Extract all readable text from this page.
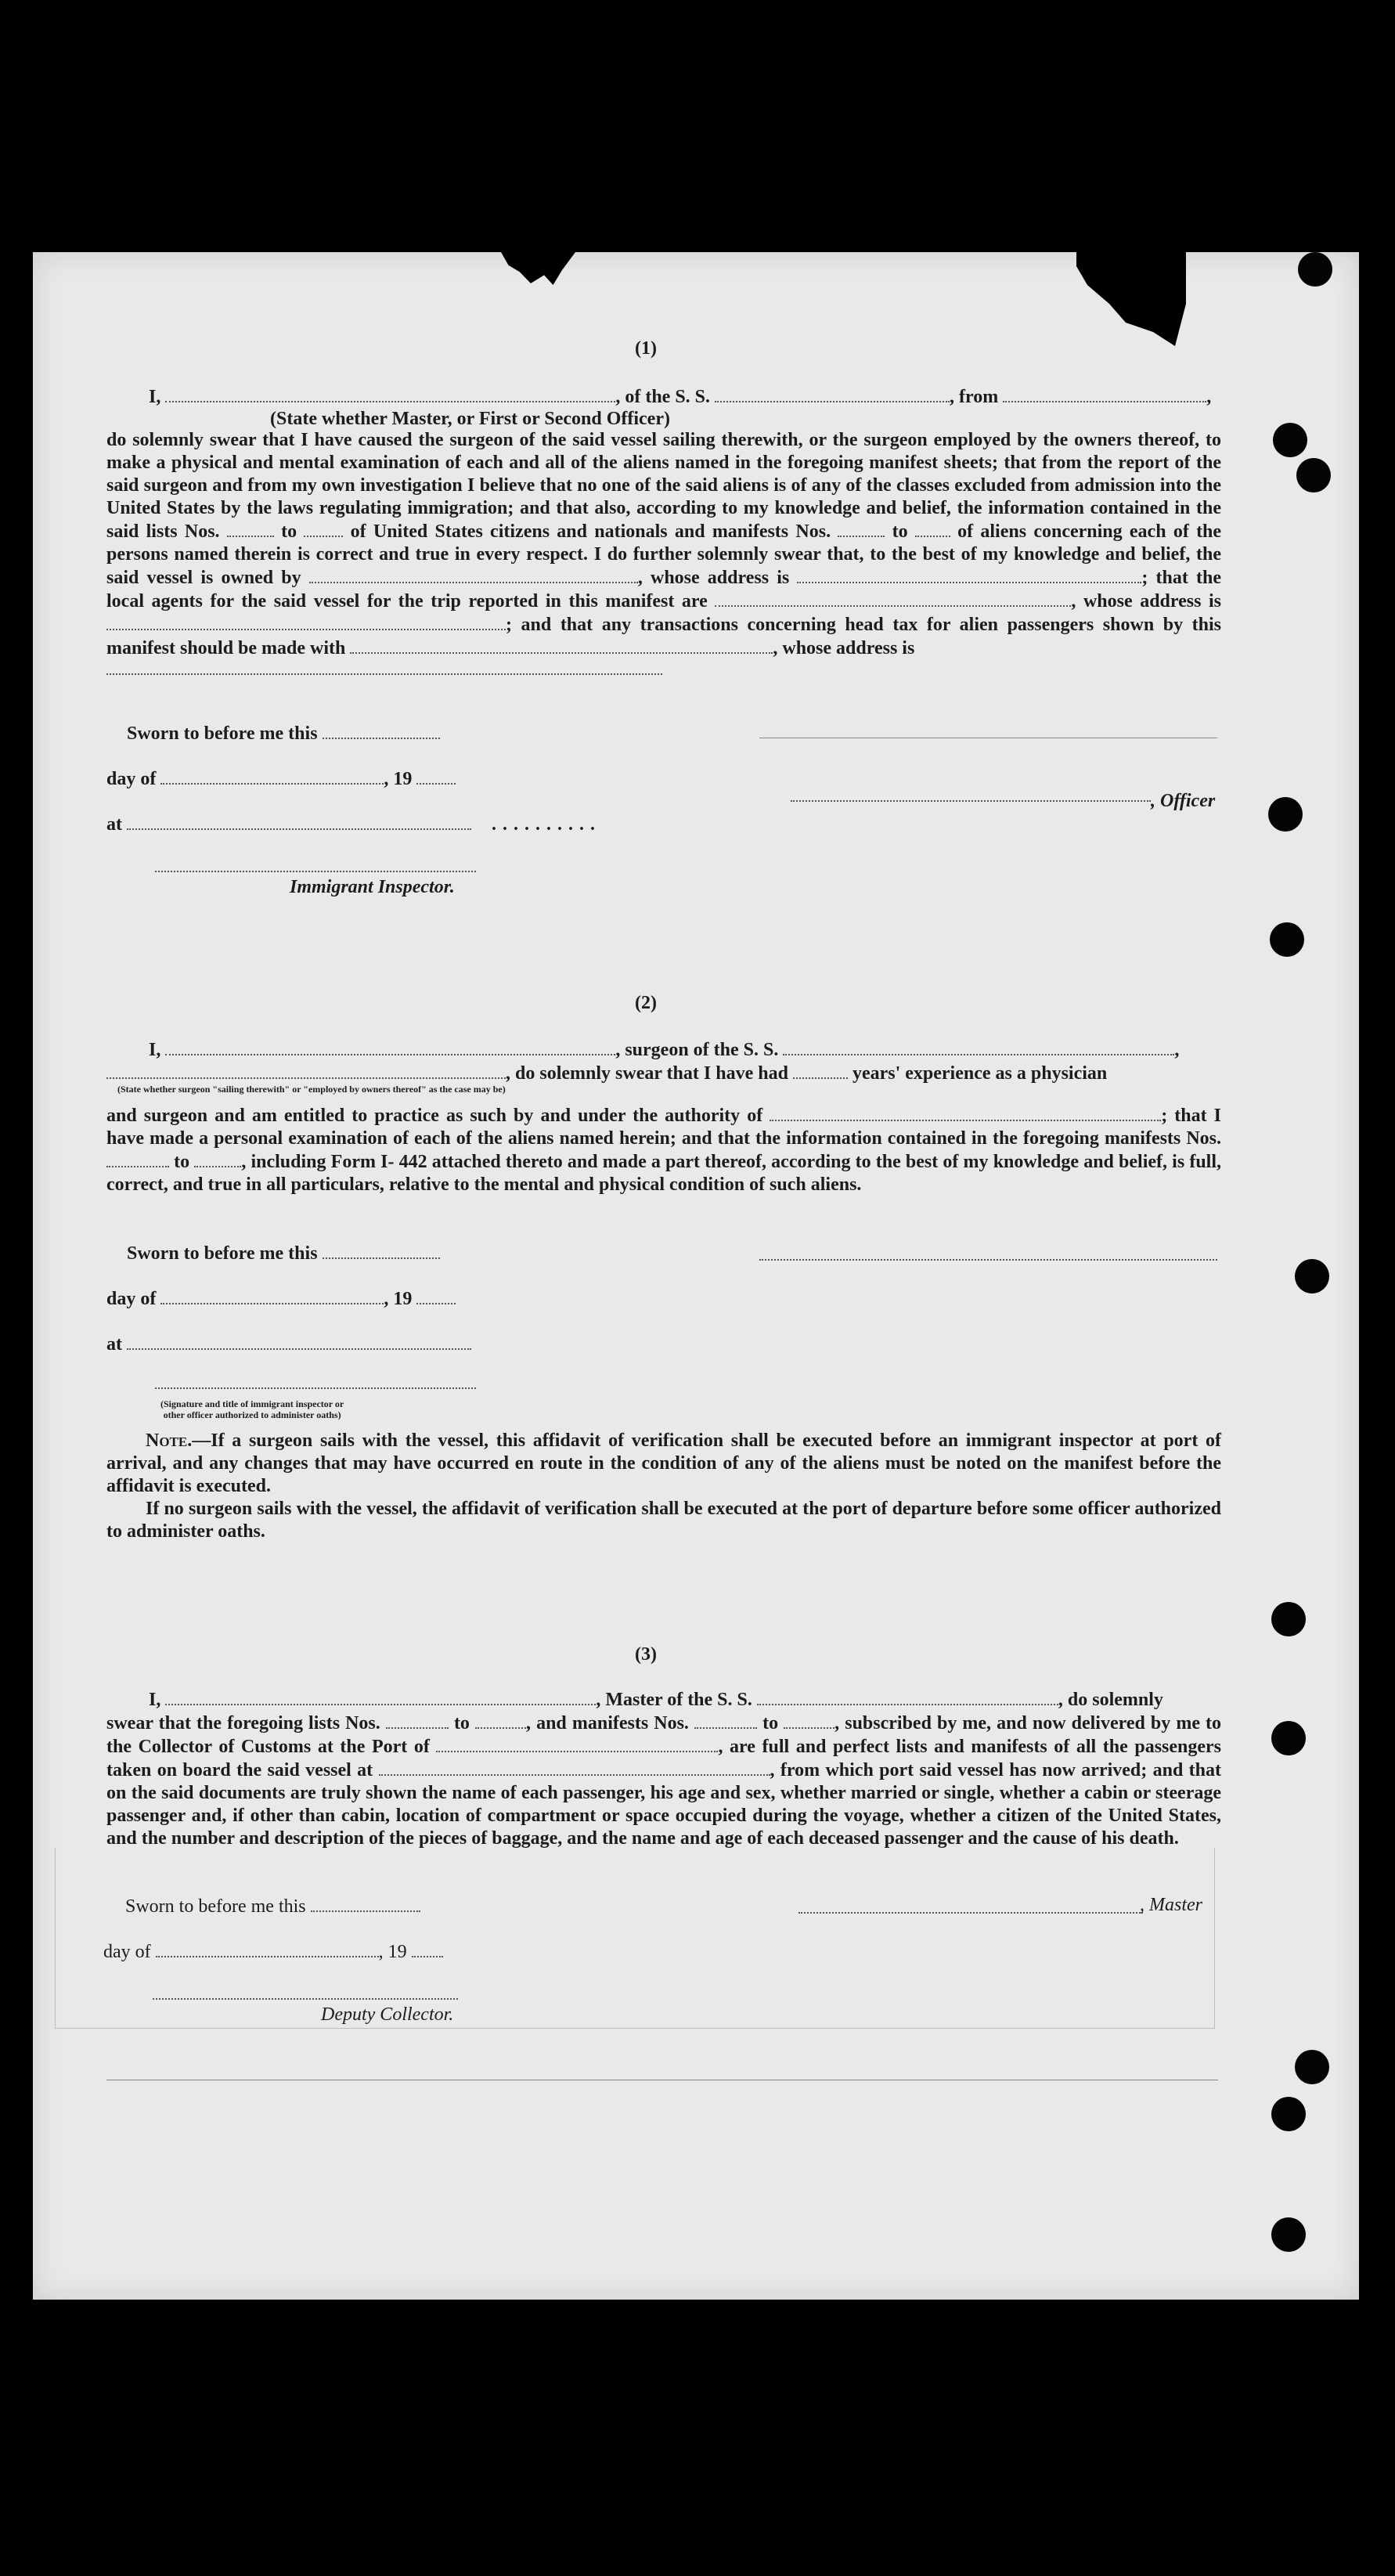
(1)
I,	, of the S. S.	, from	,
(State whether Master, or First or Second Officer)
do solemnly swear that I have caused the surgeon of the said vessel sailing therewith, or the surgeon employed by the owners thereof, to make a physical and mental examination of each and all of the aliens named in the foregoing manifest sheets; that from the report of the said surgeon and from my own investigation I believe that no one of the said aliens is of any of the classes excluded from admission into the United States by the laws regulating immigration; and that also, according to my knowledge and belief, the information contained in the said lists Nos.	to	of United States citizens and nationals and manifests Nos.	to	of aliens concerning each of the persons named therein is correct and true in every respect. I do further solemnly swear that, to the best of my knowledge and belief, the said vessel is owned by	, whose address is	; that the local agents for the said vessel for the trip reported in this manifest are	, whose address is ; and that any transactions concerning head tax for alien passengers shown by this manifest should be made with	, whose address is
Sworn to before me this
day of	, 19
at	..........
, Officer
Immigrant Inspector.
(2)
I,	, surgeon of the S. S.	,
, do solemnly swear that I have had	years' experience as a physician
(State whether surgeon "sailing therewith" or "employed by owners thereof" as the case may be)
and surgeon and am entitled to practice as such by and under the authority of	; that I have made a personal examination of each of the aliens named herein; and that the information contained in the foregoing manifests Nos.  to	, including Form I- 442 attached thereto and made a part thereof, according to the best of my knowledge and belief, is full, correct, and true in all particulars, relative to the mental and physical condition of such aliens.
Sworn to before me this
day of	, 19
at
(Signature and title of immigrant inspector or
other officer authorized to administer oaths)
Note.—If a surgeon sails with the vessel, this affidavit of verification shall be executed before an immigrant inspector at port of arrival, and any changes that may have occurred en route in the condition of any of the aliens must be noted on the manifest before the affidavit is executed.
If no surgeon sails with the vessel, the affidavit of verification shall be executed at the port of departure before some officer authorized to administer oaths.
(3)
I,	, Master of the S. S.	, do solemnly
swear that the foregoing lists Nos.	to	, and manifests Nos.	to	, subscribed by me, and now delivered by me to the Collector of Customs at the Port of	, are full and perfect lists and manifests of all the passengers taken on board the said vessel at	, from which port said vessel has now arrived; and that on the said documents are truly shown the name of each passenger, his age and sex, whether married or single, whether a cabin or steerage passenger and, if other than cabin, location of compartment or space occupied during the voyage, whether a citizen of the United States, and the number and description of the pieces of baggage, and the name and age of each deceased passenger and the cause of his death.
Sworn to before me this	, Master
day of	, 19
Deputy Collector.
